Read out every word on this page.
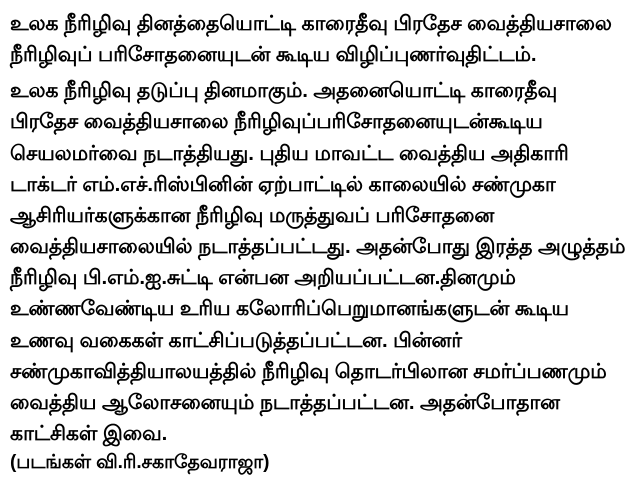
உலக நீரிழிவு தினத்தையொட்டி காரைதீவு பிரதேச வைத்தியசாலை நீரிழிவுப் பரிசோதனையுடன் கூடிய விழிப்புணர்வுதிட்டம்.

உலக நீரிழிவு தடுப்பு தினமாகும். அதனையொட்டி காரைதீவு பிரதேச வைத்தியசாலை நீரிழிவுப்பரிசோதனையுடன்கூடிய செயலமர்வை நடாத்தியது. புதிய மாவட்ட வைத்திய அதிகாரி டாக்டர் எம்.எச்.ரிஸ்பினின் ஏற்பாட்டில் காலையில் சண்முகா ஆசிரியர்களுக்கான நீரிழிவு மருத்துவப் பரிசோதனை வைத்தியசாலையில் நடாத்தப்பட்டது. அதன்போது இரத்த அழுத்தம் நீரிழிவு பி.எம்.ஐ.சுட்டி என்பன அறியப்பட்டன.தினமும் உண்ணவேண்டிய உரிய கலோரிப்பெறுமானங்களுடன் கூடிய உணவு வகைகள் காட்சிப்படுத்தப்பட்டன. பின்னர் சண்முகாவித்தியாலயத்தில் நீரிழிவு தொடர்பிலான சமர்ப்பணமும் வைத்திய ஆலோசனையும் நடாத்தப்பட்டன. அதன்போதான காட்சிகள் இவை.

(படங்கள் வி.ரி.சகாதேவராஜா)
